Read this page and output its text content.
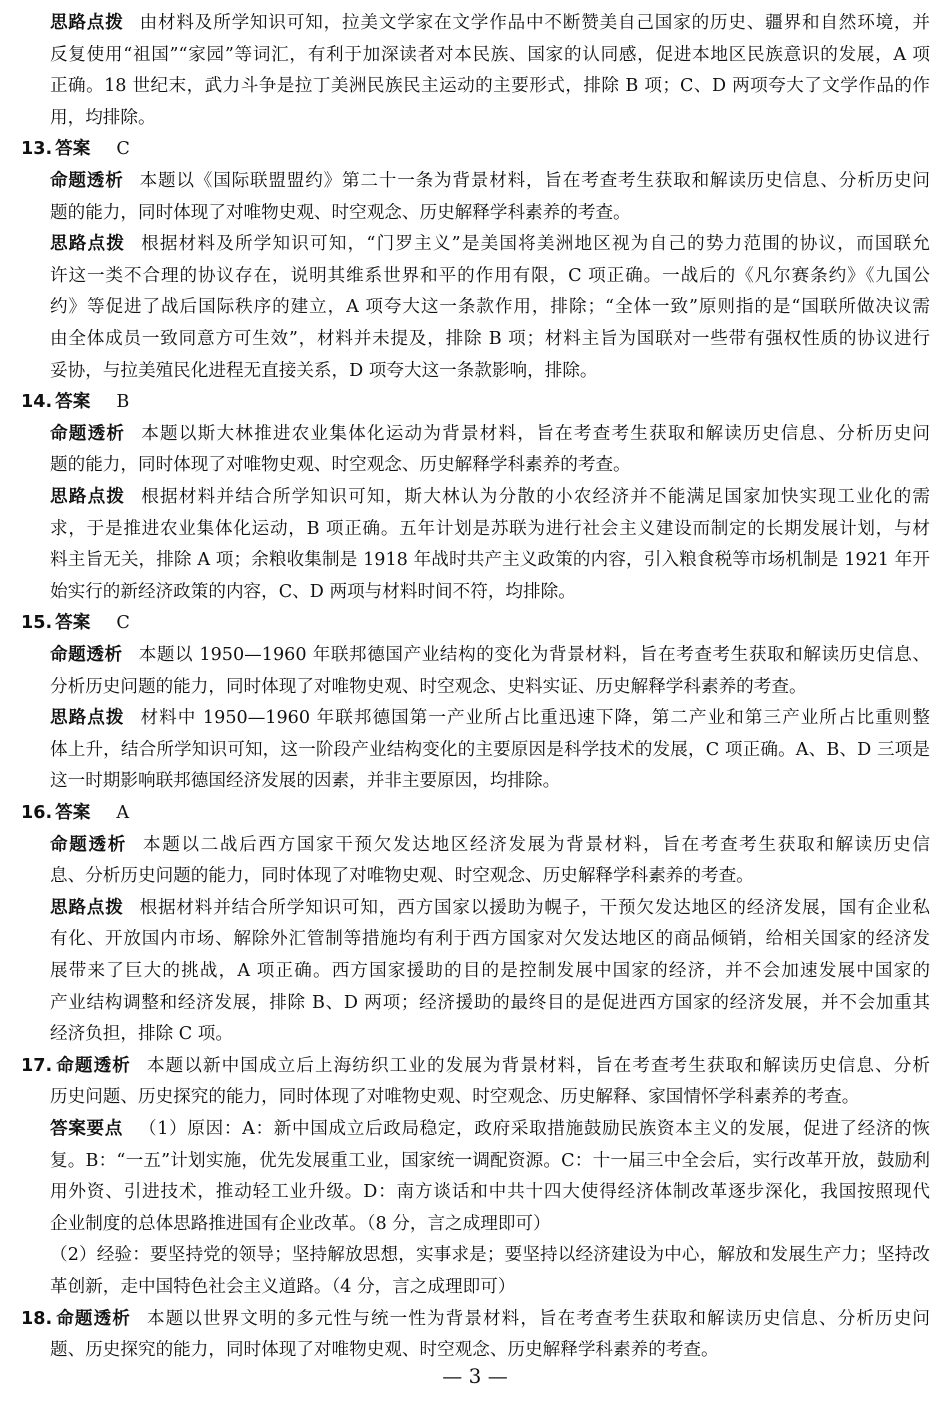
思路点拨 由材料及所学知识可知，拉美文学家在文学作品中不断赞美自己国家的历史、疆界和自然环境，并
反复使用“祖国”“家园”等词汇，有利于加深读者对本民族、国家的认同感，促进本地区民族意识的发展，A 项
正确。18 世纪末，武力斗争是拉丁美洲民族民主运动的主要形式，排除 B 项；C、D 两项夸大了文学作品的作
用，均排除。
13. 答案 C
命题透析 本题以《国际联盟盟约》第二十一条为背景材料，旨在考查考生获取和解读历史信息、分析历史问
题的能力，同时体现了对唯物史观、时空观念、历史解释学科素养的考查。
思路点拨 根据材料及所学知识可知，“门罗主义”是美国将美洲地区视为自己的势力范围的协议，而国联允
许这一类不合理的协议存在，说明其维系世界和平的作用有限，C 项正确。一战后的《凡尔赛条约》《九国公
约》等促进了战后国际秩序的建立，A 项夸大这一条款作用，排除；“全体一致”原则指的是“国联所做决议需
由全体成员一致同意方可生效”，材料并未提及，排除 B 项；材料主旨为国联对一些带有强权性质的协议进行
妥协，与拉美殖民化进程无直接关系，D 项夸大这一条款影响，排除。
14. 答案 B
命题透析 本题以斯大林推进农业集体化运动为背景材料，旨在考查考生获取和解读历史信息、分析历史问
题的能力，同时体现了对唯物史观、时空观念、历史解释学科素养的考查。
思路点拨 根据材料并结合所学知识可知，斯大林认为分散的小农经济并不能满足国家加快实现工业化的需
求，于是推进农业集体化运动，B 项正确。五年计划是苏联为进行社会主义建设而制定的长期发展计划，与材
料主旨无关，排除 A 项；余粮收集制是 1918 年战时共产主义政策的内容，引入粮食税等市场机制是 1921 年开
始实行的新经济政策的内容，C、D 两项与材料时间不符，均排除。
15. 答案 C
命题透析 本题以 1950—1960 年联邦德国产业结构的变化为背景材料，旨在考查考生获取和解读历史信息、
分析历史问题的能力，同时体现了对唯物史观、时空观念、史料实证、历史解释学科素养的考查。
思路点拨 材料中 1950—1960 年联邦德国第一产业所占比重迅速下降，第二产业和第三产业所占比重则整
体上升，结合所学知识可知，这一阶段产业结构变化的主要原因是科学技术的发展，C 项正确。A、B、D 三项是
这一时期影响联邦德国经济发展的因素，并非主要原因，均排除。
16. 答案 A
命题透析 本题以二战后西方国家干预欠发达地区经济发展为背景材料，旨在考查考生获取和解读历史信
息、分析历史问题的能力，同时体现了对唯物史观、时空观念、历史解释学科素养的考查。
思路点拨 根据材料并结合所学知识可知，西方国家以援助为幌子，干预欠发达地区的经济发展，国有企业私
有化、开放国内市场、解除外汇管制等措施均有利于西方国家对欠发达地区的商品倾销，给相关国家的经济发
展带来了巨大的挑战，A 项正确。西方国家援助的目的是控制发展中国家的经济，并不会加速发展中国家的
产业结构调整和经济发展，排除 B、D 两项；经济援助的最终目的是促进西方国家的经济发展，并不会加重其
经济负担，排除 C 项。
17. 命题透析 本题以新中国成立后上海纺织工业的发展为背景材料，旨在考查考生获取和解读历史信息、分析
历史问题、历史探究的能力，同时体现了对唯物史观、时空观念、历史解释、家国情怀学科素养的考查。
答案要点 （1）原因：A：新中国成立后政局稳定，政府采取措施鼓励民族资本主义的发展，促进了经济的恢
复。B：“一五”计划实施，优先发展重工业，国家统一调配资源。C：十一届三中全会后，实行改革开放，鼓励利
用外资、引进技术，推动轻工业升级。D：南方谈话和中共十四大使得经济体制改革逐步深化，我国按照现代
企业制度的总体思路推进国有企业改革。（8 分，言之成理即可）
（2）经验：要坚持党的领导；坚持解放思想，实事求是；要坚持以经济建设为中心，解放和发展生产力；坚持改
革创新，走中国特色社会主义道路。（4 分，言之成理即可）
18. 命题透析 本题以世界文明的多元性与统一性为背景材料，旨在考查考生获取和解读历史信息、分析历史问
题、历史探究的能力，同时体现了对唯物史观、时空观念、历史解释学科素养的考查。
— 3 —
